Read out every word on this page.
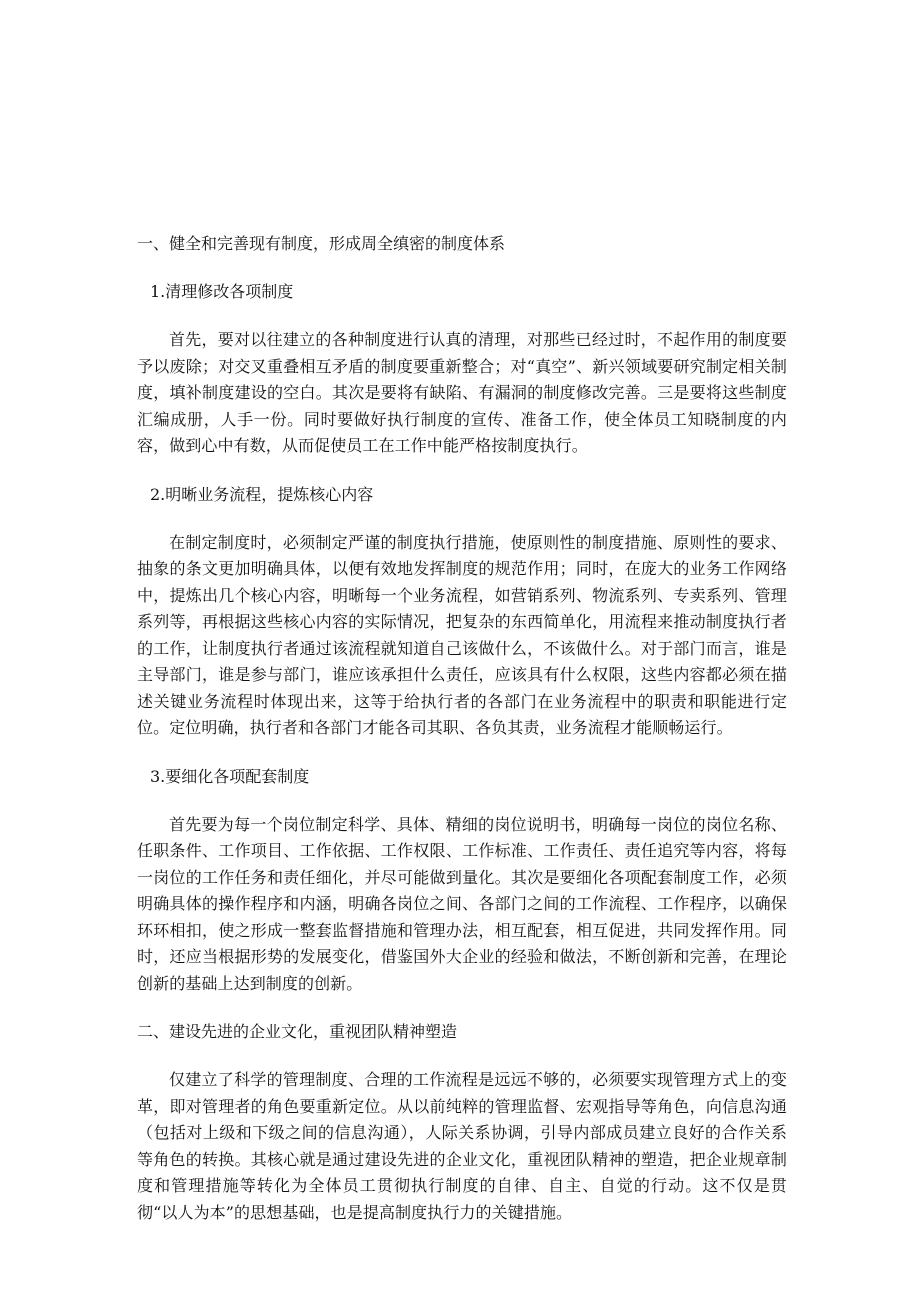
一、健全和完善现有制度，形成周全缜密的制度体系
1.清理修改各项制度
首先，要对以往建立的各种制度进行认真的清理，对那些已经过时，不起作用的制度要予以废除；对交叉重叠相互矛盾的制度要重新整合；对“真空”、新兴领域要研究制定相关制度，填补制度建设的空白。其次是要将有缺陷、有漏洞的制度修改完善。三是要将这些制度汇编成册，人手一份。同时要做好执行制度的宣传、准备工作，使全体员工知晓制度的内容，做到心中有数，从而促使员工在工作中能严格按制度执行。
2.明晰业务流程，提炼核心内容
在制定制度时，必须制定严谨的制度执行措施，使原则性的制度措施、原则性的要求、抽象的条文更加明确具体，以便有效地发挥制度的规范作用；同时，在庞大的业务工作网络中，提炼出几个核心内容，明晰每一个业务流程，如营销系列、物流系列、专卖系列、管理系列等，再根据这些核心内容的实际情况，把复杂的东西简单化，用流程来推动制度执行者的工作，让制度执行者通过该流程就知道自己该做什么，不该做什么。对于部门而言，谁是主导部门，谁是参与部门，谁应该承担什么责任，应该具有什么权限，这些内容都必须在描述关键业务流程时体现出来，这等于给执行者的各部门在业务流程中的职责和职能进行定位。定位明确，执行者和各部门才能各司其职、各负其责，业务流程才能顺畅运行。
3.要细化各项配套制度
首先要为每一个岗位制定科学、具体、精细的岗位说明书，明确每一岗位的岗位名称、任职条件、工作项目、工作依据、工作权限、工作标准、工作责任、责任追究等内容，将每一岗位的工作任务和责任细化，并尽可能做到量化。其次是要细化各项配套制度工作，必须明确具体的操作程序和内涵，明确各岗位之间、各部门之间的工作流程、工作程序，以确保环环相扣，使之形成一整套监督措施和管理办法，相互配套，相互促进，共同发挥作用。同时，还应当根据形势的发展变化，借鉴国外大企业的经验和做法，不断创新和完善，在理论创新的基础上达到制度的创新。
二、建设先进的企业文化，重视团队精神塑造
仅建立了科学的管理制度、合理的工作流程是远远不够的，必须要实现管理方式上的变革，即对管理者的角色要重新定位。从以前纯粹的管理监督、宏观指导等角色，向信息沟通（包括对上级和下级之间的信息沟通），人际关系协调，引导内部成员建立良好的合作关系等角色的转换。其核心就是通过建设先进的企业文化，重视团队精神的塑造，把企业规章制度和管理措施等转化为全体员工贯彻执行制度的自律、自主、自觉的行动。这不仅是贯彻“以人为本”的思想基础，也是提高制度执行力的关键措施。
